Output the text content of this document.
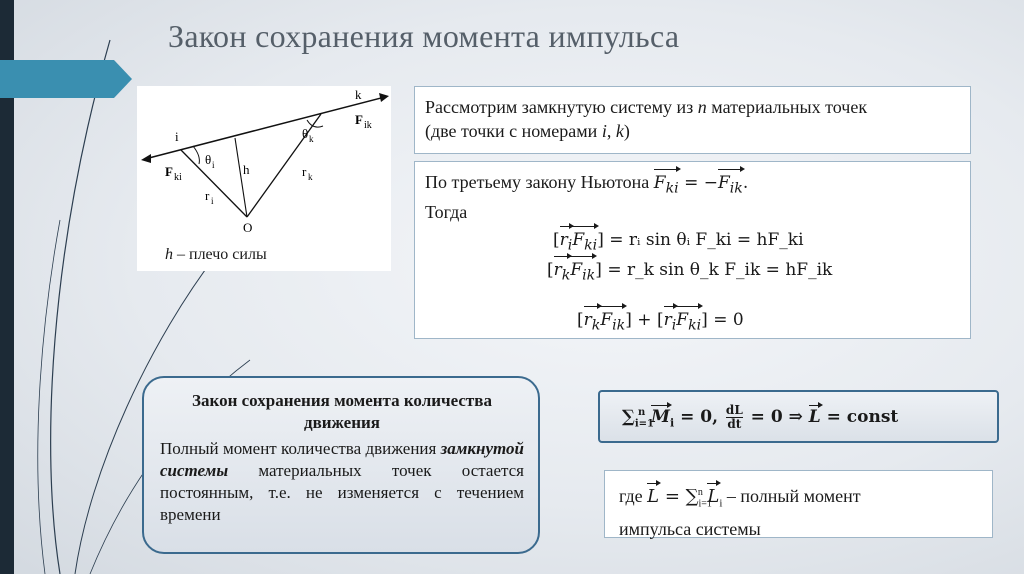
Закон сохранения момента импульса
k
i
F ik
F ki
θ i
θ k
h
r i
r k
O
h – плечо силы
Рассмотрим замкнутую систему из n материальных точек
(две точки с номерами i, k)
По третьему закону Ньютона $F_{ki} = -F_{ik}$.
Тогда
$[r_iF_{ki}]$ = rᵢ sin θᵢ F_ki = hF_ki
$[r_kF_{ik}]$ = r_k sin θ_k F_ik = hF_ik
$[r_kF_{ik}] + [r_iF_{ki}] = 0$
Закон сохранения момента количества движения
Полный момент количества движения замкнутой системы материальных точек остается постоянным, т.е. не изменяется с течением времени
$\sum_{i=1}^n$ $M_i = 0$, $\frac{dL}{dt} = 0$ ⇒ L = const
где $L = \sum_{i=1}^n$ $L_i$ – полный момент
импульса системы
